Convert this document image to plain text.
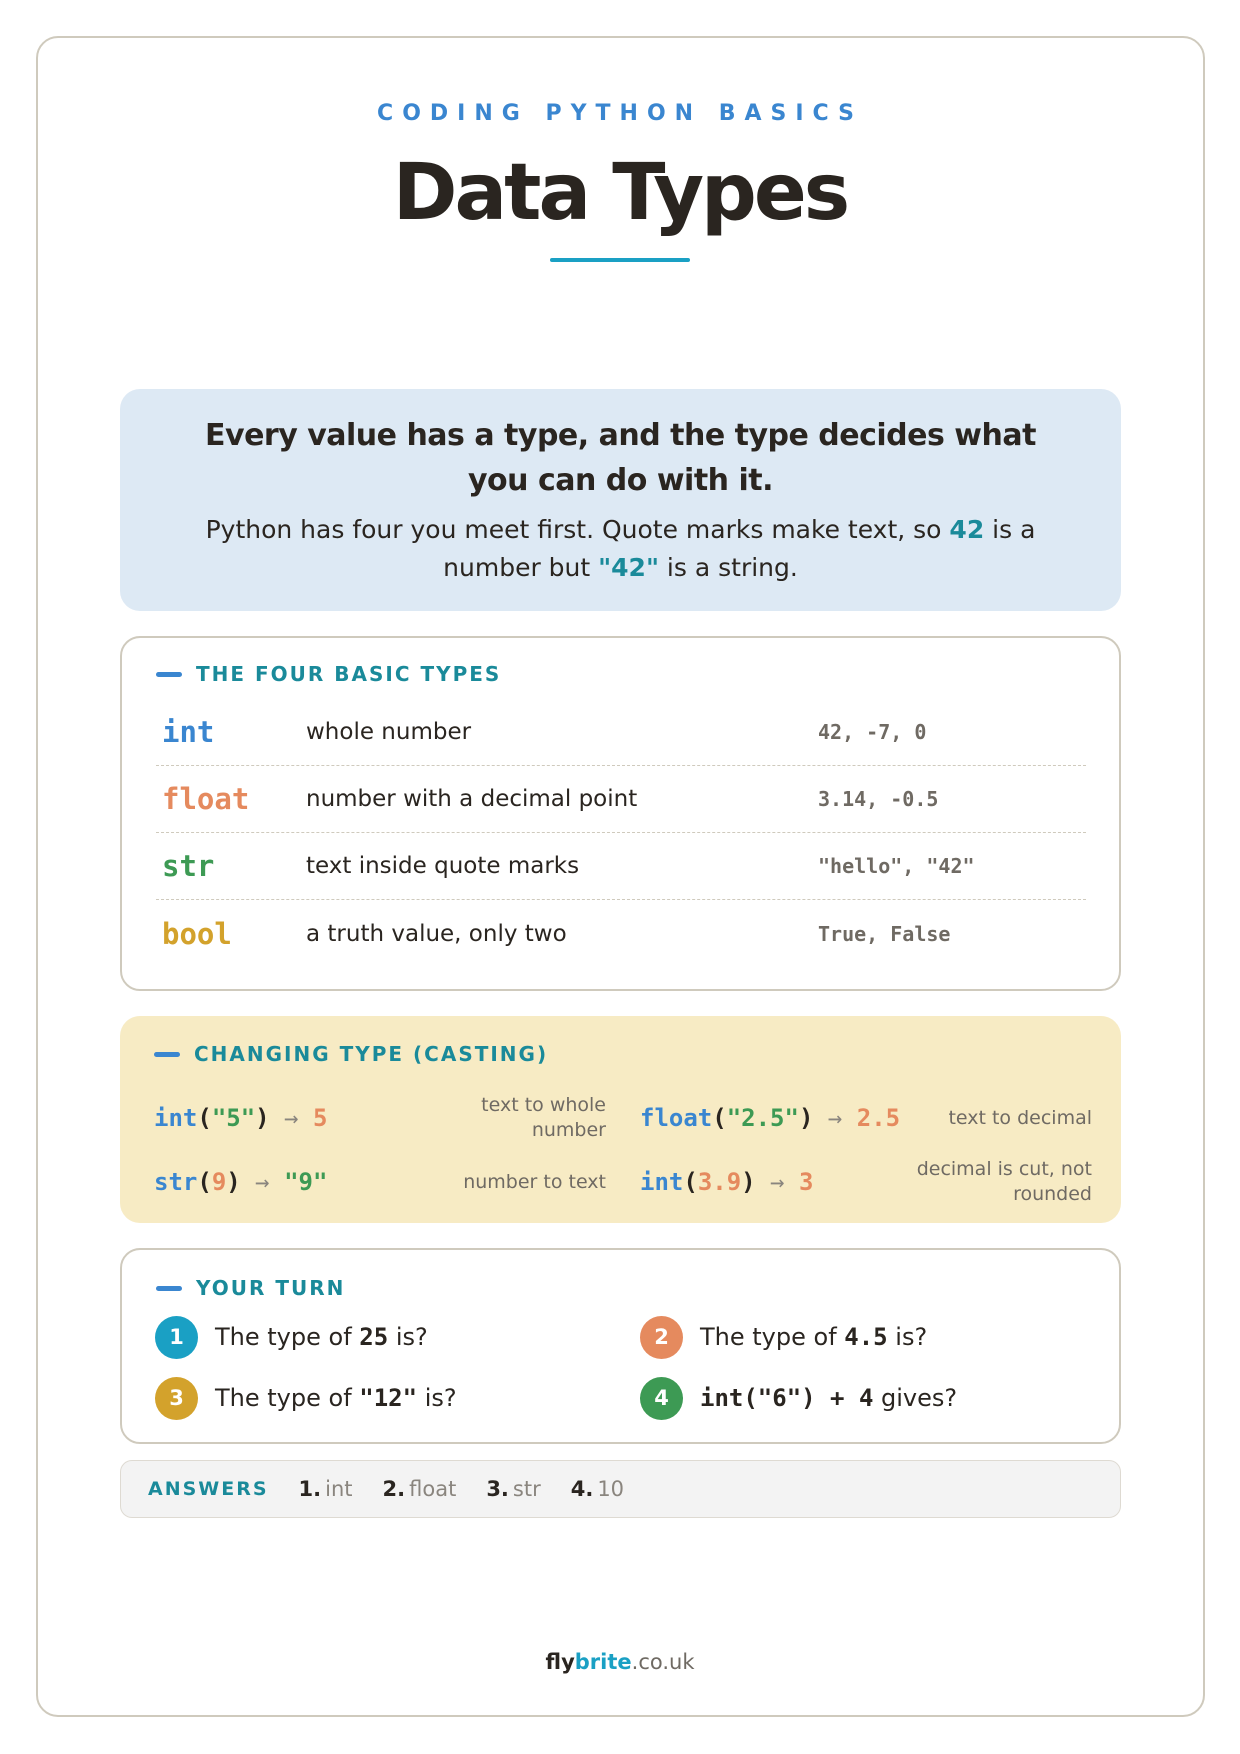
CODING PYTHON BASICS
Data Types
Every value has a type, and the type decides what you can do with it.
Python has four you meet first. Quote marks make text, so 42 is a number but "42" is a string.
THE FOUR BASIC TYPES
int	whole number	42, -7, 0
float	number with a decimal point	3.14, -0.5
str	text inside quote marks	"hello", "42"
bool	a truth value, only two	True, False
CHANGING TYPE (CASTING)
int("5") → 5	text to whole number float("2.5") → 2.5	text to decimal
str(9) → "9"	number to text int(3.9) → 3	decimal is cut, not rounded
YOUR TURN
1	The type of 25 is?	2	The type of 4.5 is?
3	The type of "12" is?	4	int("6") + 4 gives?
ANSWERS 1. int 2. float 3. str 4. 10
flybrite.co.uk
